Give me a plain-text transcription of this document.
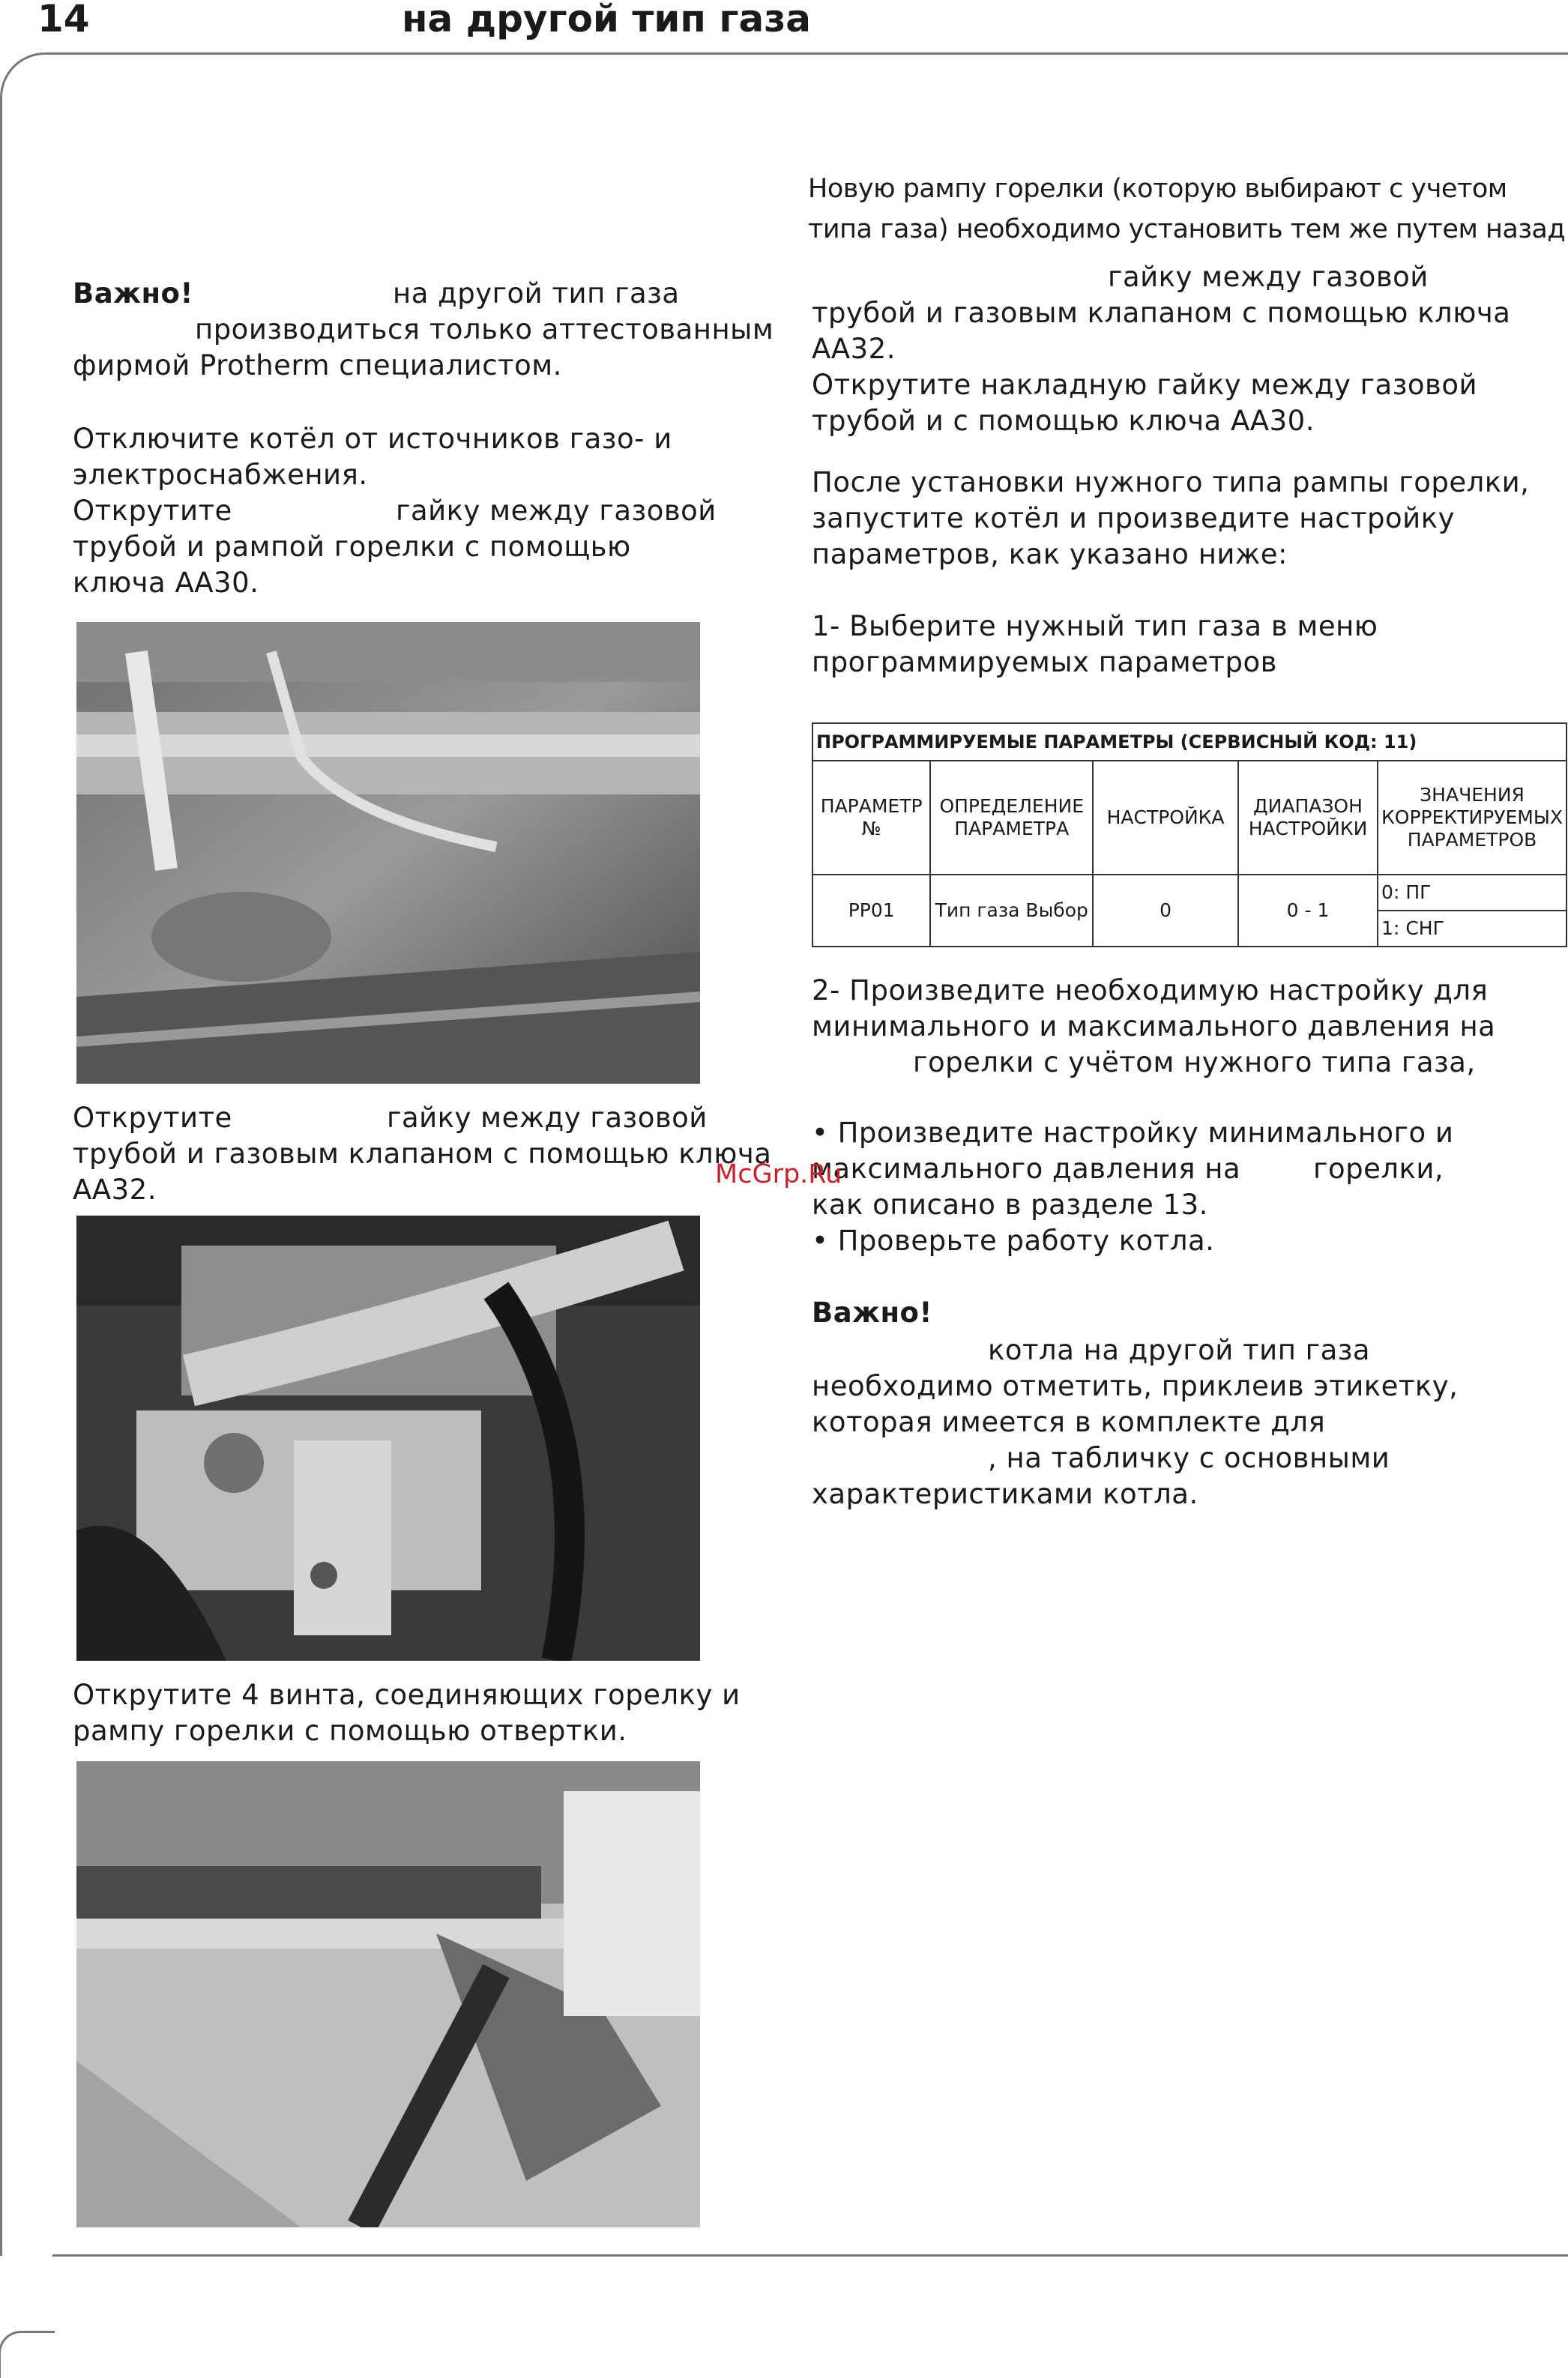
14	на другой тип газа
Важно!	на другой тип газа
производиться только аттестованным
фирмой Protherm специалистом.
Отключите котёл от источников газо- и
электроснабжения.
Открутите	гайку между газовой
трубой и рампой горелки с помощью
ключа АА30.
Открутите	гайку между газовой
трубой и газовым клапаном с помощью ключа
АА32.
Открутите 4 винта, соединяющих горелку и
рампу горелки с помощью отвертки.
Новую рампу горелки (которую выбирают с учетом
типа газа) необходимо установить тем же путем назад
гайку между газовой
трубой и газовым клапаном с помощью ключа
АА32.
Открутите накладную гайку между газовой
трубой и с помощью ключа АА30.
После установки нужного типа рампы горелки,
запустите котёл и произведите настройку
параметров, как указано ниже:
1- Выберите нужный тип газа в меню
программируемых параметров
ПРОГРАММИРУЕМЫЕ ПАРАМЕТРЫ (СЕРВИСНЫЙ КОД: 11)				
ПАРАМЕТР №	ОПРЕДЕЛЕНИЕ ПАРАМЕТРА	НАСТРОЙКА	ДИАПАЗОН НАСТРОЙКИ	ЗНАЧЕНИЯ КОРРЕКТИРУЕМЫХ ПАРАМЕТРОВ
PP01	Тип газа Выбор	0	0 - 1	0: ПГ
				1: СНГ
2- Произведите необходимую настройку для
минимального и максимального давления на
горелки с учётом нужного типа газа,
• Произведите настройку минимального и
максимального давления на	горелки,
как описано в разделе 13.
• Проверьте работу котла.
Важно!
котла на другой тип газа
необходимо отметить, приклеив этикетку,
которая имеется в комплекте для
, на табличку с основными
характеристиками котла.
McGrp.Ru
